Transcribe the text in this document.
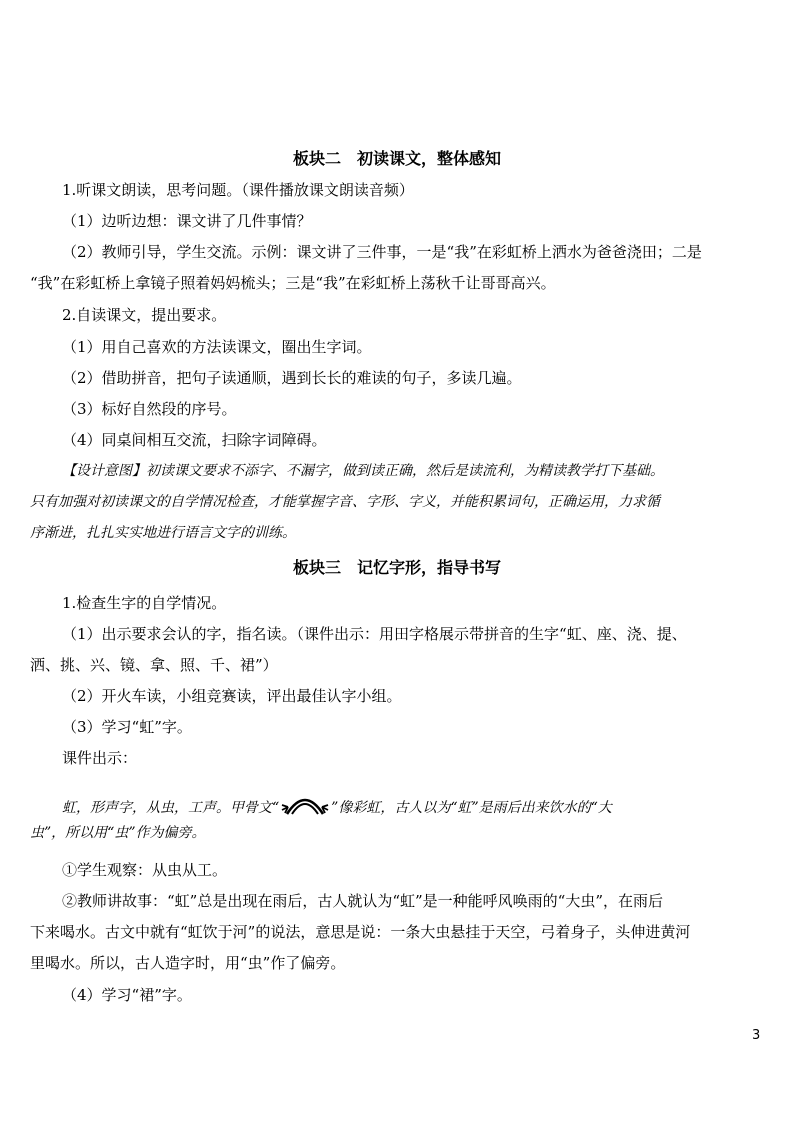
板块二　初读课文，整体感知
1.听课文朗读，思考问题。（课件播放课文朗读音频）
（1）边听边想：课文讲了几件事情？
（2）教师引导，学生交流。示例：课文讲了三件事，一是“我”在彩虹桥上洒水为爸爸浇田；二是
“我”在彩虹桥上拿镜子照着妈妈梳头；三是“我”在彩虹桥上荡秋千让哥哥高兴。
2.自读课文，提出要求。
（1）用自己喜欢的方法读课文，圈出生字词。
（2）借助拼音，把句子读通顺，遇到长长的难读的句子，多读几遍。
（3）标好自然段的序号。
（4）同桌间相互交流，扫除字词障碍。
【设计意图】初读课文要求不添字、不漏字，做到读正确，然后是读流利，为精读教学打下基础。
只有加强对初读课文的自学情况检查，才能掌握字音、字形、字义，并能积累词句，正确运用，力求循
序渐进，扎扎实实地进行语言文字的训练。
板块三　记忆字形，指导书写
1.检查生字的自学情况。
（1）出示要求会认的字，指名读。（课件出示：用田字格展示带拼音的生字“虹、座、浇、提、
洒、挑、兴、镜、拿、照、千、裙”）
（2）开火车读，小组竞赛读，评出最佳认字小组。
（3）学习“虹”字。
课件出示：
虹，形声字，从虫，工声。甲骨文“	”像彩虹，古人以为“虹”是雨后出来饮水的“大
虫”，所以用“虫”作为偏旁。
①学生观察：从虫从工。
②教师讲故事：“虹”总是出现在雨后，古人就认为“虹”是一种能呼风唤雨的“大虫”，在雨后
下来喝水。古文中就有“虹饮于河”的说法，意思是说：一条大虫悬挂于天空，弓着身子，头伸进黄河
里喝水。所以，古人造字时，用“虫”作了偏旁。
（4）学习“裙”字。
3
